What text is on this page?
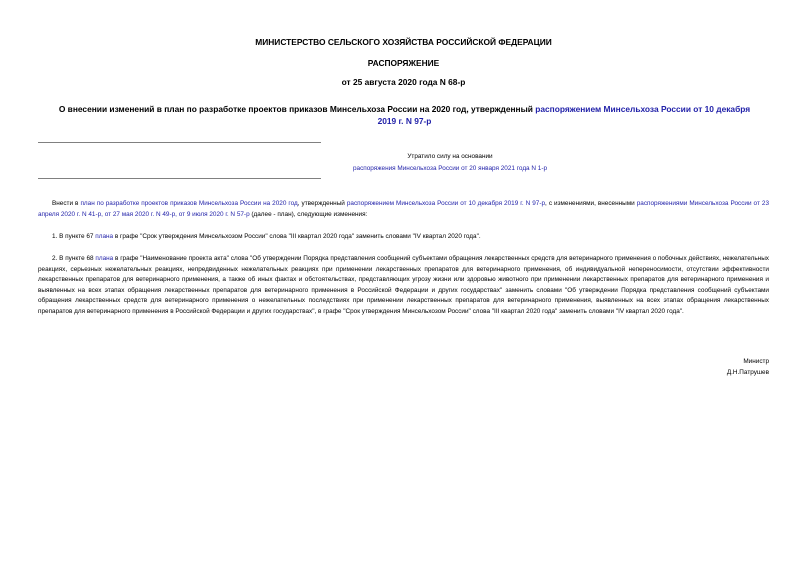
МИНИСТЕРСТВО СЕЛЬСКОГО ХОЗЯЙСТВА РОССИЙСКОЙ ФЕДЕРАЦИИ
РАСПОРЯЖЕНИЕ
от 25 августа 2020 года N 68-р
О внесении изменений в план по разработке проектов приказов Минсельхоза России на 2020 год, утвержденный распоряжением Минсельхоза России от 10 декабря 2019 г. N 97-р
Утратило силу на основании
распоряжения Минсельхоза России от 20 января 2021 года N 1-р

Внести в план по разработке проектов приказов Минсельхоза России на 2020 год, утвержденный распоряжением Минсельхоза России от 10 декабря 2019 г. N 97-р, с изменениями, внесенными распоряжениями Минсельхоза России от 23 апреля 2020 г. N 41-р, от 27 мая 2020 г. N 49-р, от 9 июля 2020 г. N 57-р (далее - план), следующие изменения:

1. В пункте 67 плана в графе "Срок утверждения Минсельхозом России" слова "III квартал 2020 года" заменить словами "IV квартал 2020 года".

2. В пункте 68 плана в графе "Наименование проекта акта" слова "Об утверждении Порядка представления сообщений субъектами обращения лекарственных средств для ветеринарного применения о побочных действиях, нежелательных реакциях, серьезных нежелательных реакциях, непредвиденных нежелательных реакциях при применении лекарственных препаратов для ветеринарного применения, об индивидуальной непереносимости, отсутствии эффективности лекарственных препаратов для ветеринарного применения, а также об иных фактах и обстоятельствах, представляющих угрозу жизни или здоровью животного при применении лекарственных препаратов для ветеринарного применения и выявленных на всех этапах обращения лекарственных препаратов для ветеринарного применения в Российской Федерации и других государствах" заменить словами "Об утверждении Порядка представления сообщений субъектами обращения лекарственных средств для ветеринарного применения о нежелательных последствиях при применении лекарственных препаратов для ветеринарного применения, выявленных на всех этапах обращения лекарственных препаратов для ветеринарного применения в Российской Федерации и других государствах", в графе "Срок утверждения Минсельхозом России" слова "III квартал 2020 года" заменить словами "IV квартал 2020 года".

Министр
Д.Н.Патрушев
